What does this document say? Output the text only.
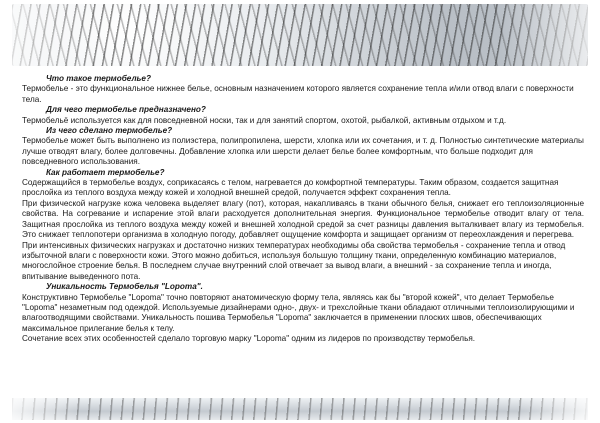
Что такое термобелье?

Термобелье - это функциональное нижнее белье, основным назначением которого является сохранение тепла и/или отвод влаги с поверхности тела.

Для чего термобелье предназначено?

Термобельё используется как для повседневной носки, так и для занятий спортом, охотой, рыбалкой, активным отдыхом и т.д.

Из чего сделано термобелье?

Термобелье может быть выполнено из полиэстера, полипропилена, шерсти, хлопка или их сочетания, и т. д. Полностью синтетические материалы лучше отводят влагу, более долговечны. Добавление хлопка или шерсти делает белье более комфортным, что больше подходит для повседневного использования.

Как работает термобелье?

Содержащийся в термобелье воздух, соприкасаясь с телом, нагревается до комфортной температуры. Таким образом, создается защитная прослойка из теплого воздуха между кожей и холодной внешней средой, получается эффект сохранения тепла.

При физической нагрузке кожа человека выделяет влагу (пот), которая, накапливаясь в ткани обычного белья, снижает его теплоизоляционные свойства. На согревание и испарение этой влаги расходуется дополнительная энергия. Функциональное термобелье отводит влагу от тела. Защитная прослойка из теплого воздуха между кожей и внешней холодной средой за счет разницы давления выталкивает влагу из термобелья. Это снижает теплопотери организма в холодную погоду, добавляет ощущение комфорта и защищает организм от переохлаждения и перегрева.

При интенсивных физических нагрузках и достаточно низких температурах необходимы оба свойства термобелья - сохранение тепла и отвод избыточной влаги с поверхности кожи. Этого можно добиться, используя большую толщину ткани, определенную комбинацию материалов, многослойное строение белья. В последнем случае внутренний слой отвечает за вывод влаги, а внешний - за сохранение тепла и иногда, впитывание выведенного пота.

Уникальность Термобелья "Lopoma".

Конструктивно Термобелье "Lopoma" точно повторяют анатомическую форму тела, являясь как бы "второй кожей", что делает Термобелье "Lopoma" незаметным под одеждой. Используемые дизайнерами одно-, двух- и трехслойные ткани обладают отличными теплоизолирующими и влагоотводящими свойствами. Уникальность пошива Термобелья "Lopoma" заключается в применении плоских швов, обеспечивающих максимальное прилегание белья к телу.

Сочетание всех этих особенностей сделало торговую марку "Lopoma" одним из лидеров по производству термобелья.
